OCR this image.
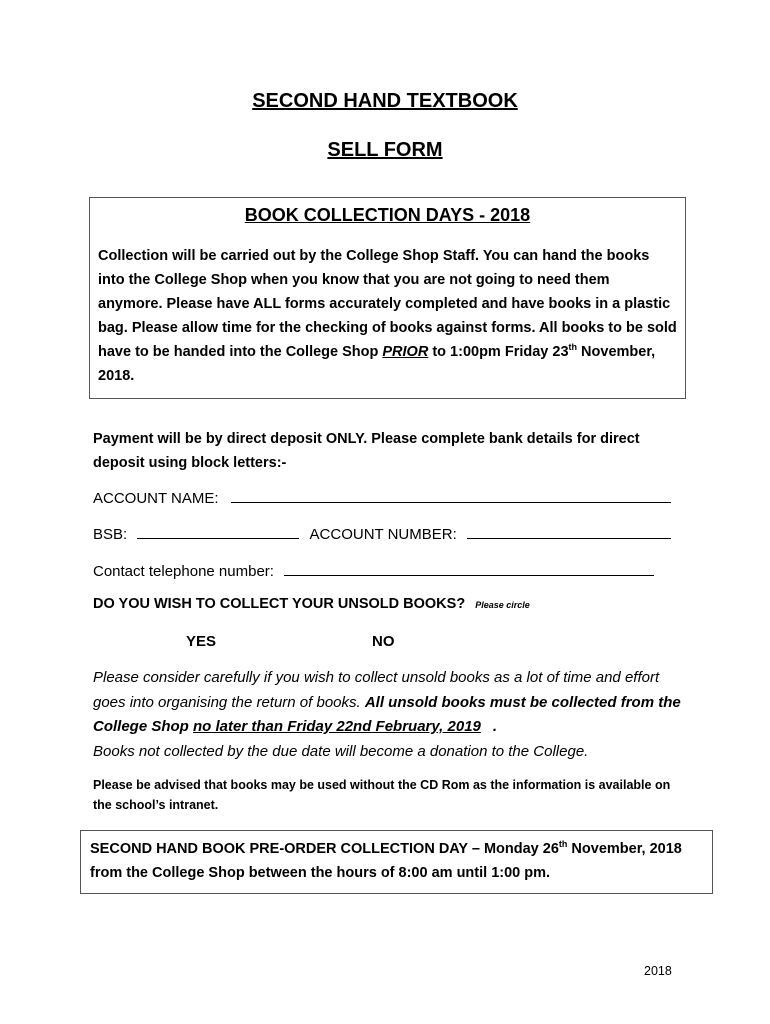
SECOND HAND TEXTBOOK
SELL FORM
BOOK COLLECTION DAYS - 2018
Collection will be carried out by the College Shop Staff. You can hand the books into the College Shop when you know that you are not going to need them anymore. Please have ALL forms accurately completed and have books in a plastic bag. Please allow time for the checking of books against forms. All books to be sold have to be handed into the College Shop PRIOR to 1:00pm Friday 23th November, 2018.
Payment will be by direct deposit ONLY. Please complete bank details for direct deposit using block letters:-
ACCOUNT NAME:
BSB:	ACCOUNT NUMBER:
Contact telephone number:
DO YOU WISH TO COLLECT YOUR UNSOLD BOOKS? Please circle
YES	NO
Please consider carefully if you wish to collect unsold books as a lot of time and effort goes into organising the return of books. All unsold books must be collected from the College Shop no later than Friday 22nd February, 2019 .
Books not collected by the due date will become a donation to the College.
Please be advised that books may be used without the CD Rom as the information is available on the school’s intranet.
SECOND HAND BOOK PRE-ORDER COLLECTION DAY – Monday 26th November, 2018 from the College Shop between the hours of 8:00 am until 1:00 pm.
2018
